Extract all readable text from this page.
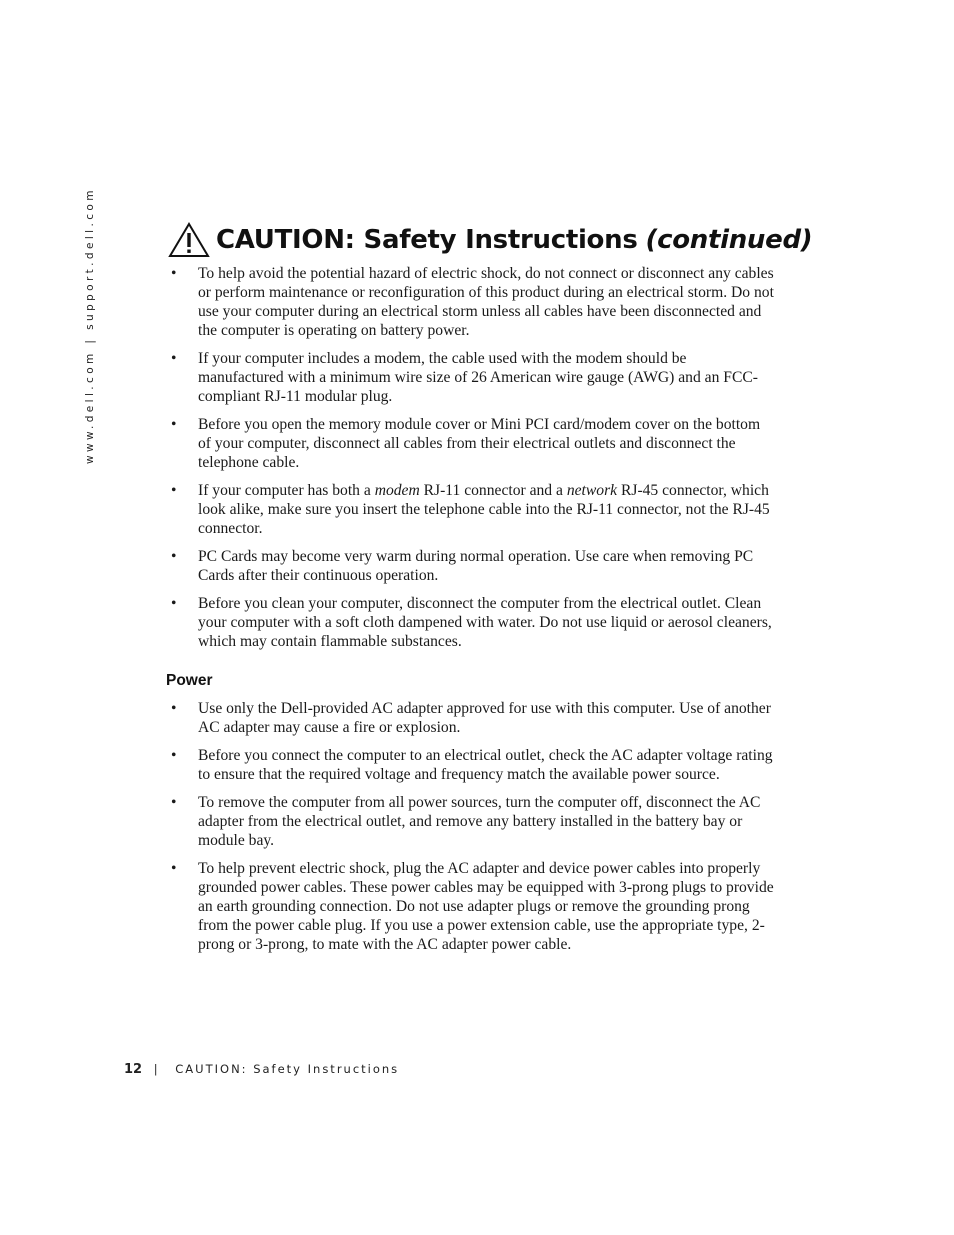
www.dell.com | support.dell.com	CAUTION: Safety Instructions (continued)
• To help avoid the potential hazard of electric shock, do not connect or disconnect any cables or perform maintenance or reconfiguration of this product during an electrical storm. Do not use your computer during an electrical storm unless all cables have been disconnected and the computer is operating on battery power.
• If your computer includes a modem, the cable used with the modem should be manufactured with a minimum wire size of 26 American wire gauge (AWG) and an FCC-compliant RJ-11 modular plug.
• Before you open the memory module cover or Mini PCI card/modem cover on the bottom of your computer, disconnect all cables from their electrical outlets and disconnect the telephone cable.
• If your computer has both a modem RJ-11 connector and a network RJ-45 connector, which look alike, make sure you insert the telephone cable into the RJ-11 connector, not the RJ-45 connector.
• PC Cards may become very warm during normal operation. Use care when removing PC Cards after their continuous operation.
• Before you clean your computer, disconnect the computer from the electrical outlet. Clean your computer with a soft cloth dampened with water. Do not use liquid or aerosol cleaners, which may contain flammable substances.
Power
• Use only the Dell-provided AC adapter approved for use with this computer. Use of another AC adapter may cause a fire or explosion.
• Before you connect the computer to an electrical outlet, check the AC adapter voltage rating to ensure that the required voltage and frequency match the available power source.
• To remove the computer from all power sources, turn the computer off, disconnect the AC adapter from the electrical outlet, and remove any battery installed in the battery bay or module bay.
• To help prevent electric shock, plug the AC adapter and device power cables into properly grounded power cables. These power cables may be equipped with 3-prong plugs to provide an earth grounding connection. Do not use adapter plugs or remove the grounding prong from the power cable plug. If you use a power extension cable, use the appropriate type, 2-prong or 3-prong, to mate with the AC adapter power cable.
12 | CAUTION: Safety Instructions
